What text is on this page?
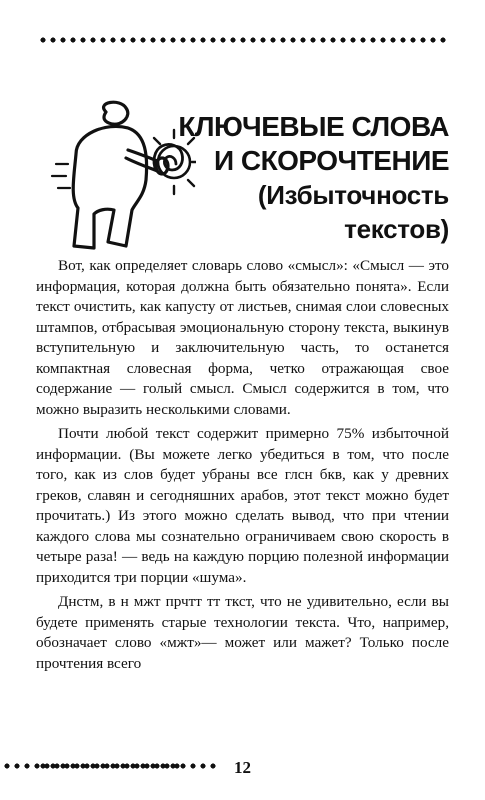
КЛЮЧЕВЫЕ СЛОВА
И СКОРОЧТЕНИЕ
(Избыточность
текстов)

Вот, как определяет словарь слово «смысл»: «Смысл — это информация, которая должна быть обязательно понята». Если текст очистить, как капусту от листьев, снимая слои словесных штампов, отбрасывая эмоциональную сторону текста, выкинув вступительную и заключительную часть, то останется компактная словесная форма, четко отражающая свое содержание — голый смысл. Смысл содержится в том, что можно выразить несколькими словами.

Почти любой текст содержит примерно 75% избыточной информации. (Вы можете легко убедиться в том, что после того, как из слов будет убраны все глсн бкв, как у древних греков, славян и сегодняшних арабов, этот текст можно будет прочитать.) Из этого можно сделать вывод, что при чтении каждого слова мы сознательно ограничиваем свою скорость в четыре раза! — ведь на каждую порцию полезной информации приходится три порции «шума».

Днстм, в н мжт прчтт тт ткст, что не удивительно, если вы будете применять старые технологии текста. Что, например, обозначает слово «мжт»— может или мажет? Только после прочтения всего

12
